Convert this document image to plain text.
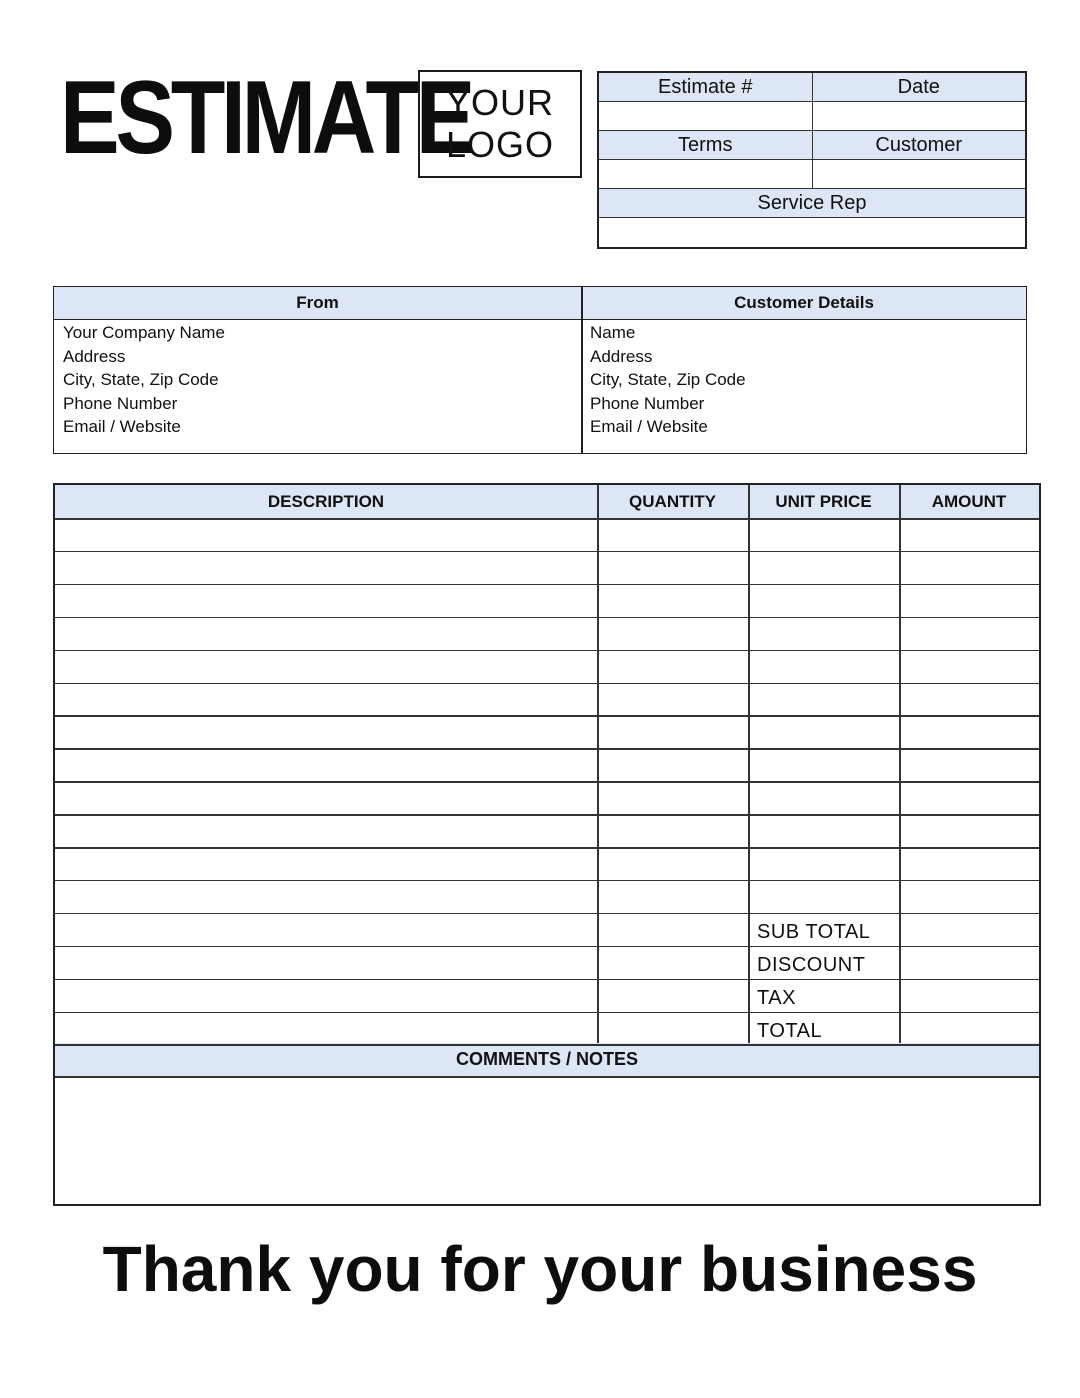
ESTIMATE
YOUR
LOGO
Estimate #	Date
Terms	Customer
Service Rep
From	Customer Details
Your Company Name
Address
City, State, Zip Code
Phone Number
Email / Website
Name
Address
City, State, Zip Code
Phone Number
Email / Website
DESCRIPTION	QUANTITY	UNIT PRICE	AMOUNT
SUB TOTAL
DISCOUNT
TAX
TOTAL
COMMENTS / NOTES
Thank you for your business
